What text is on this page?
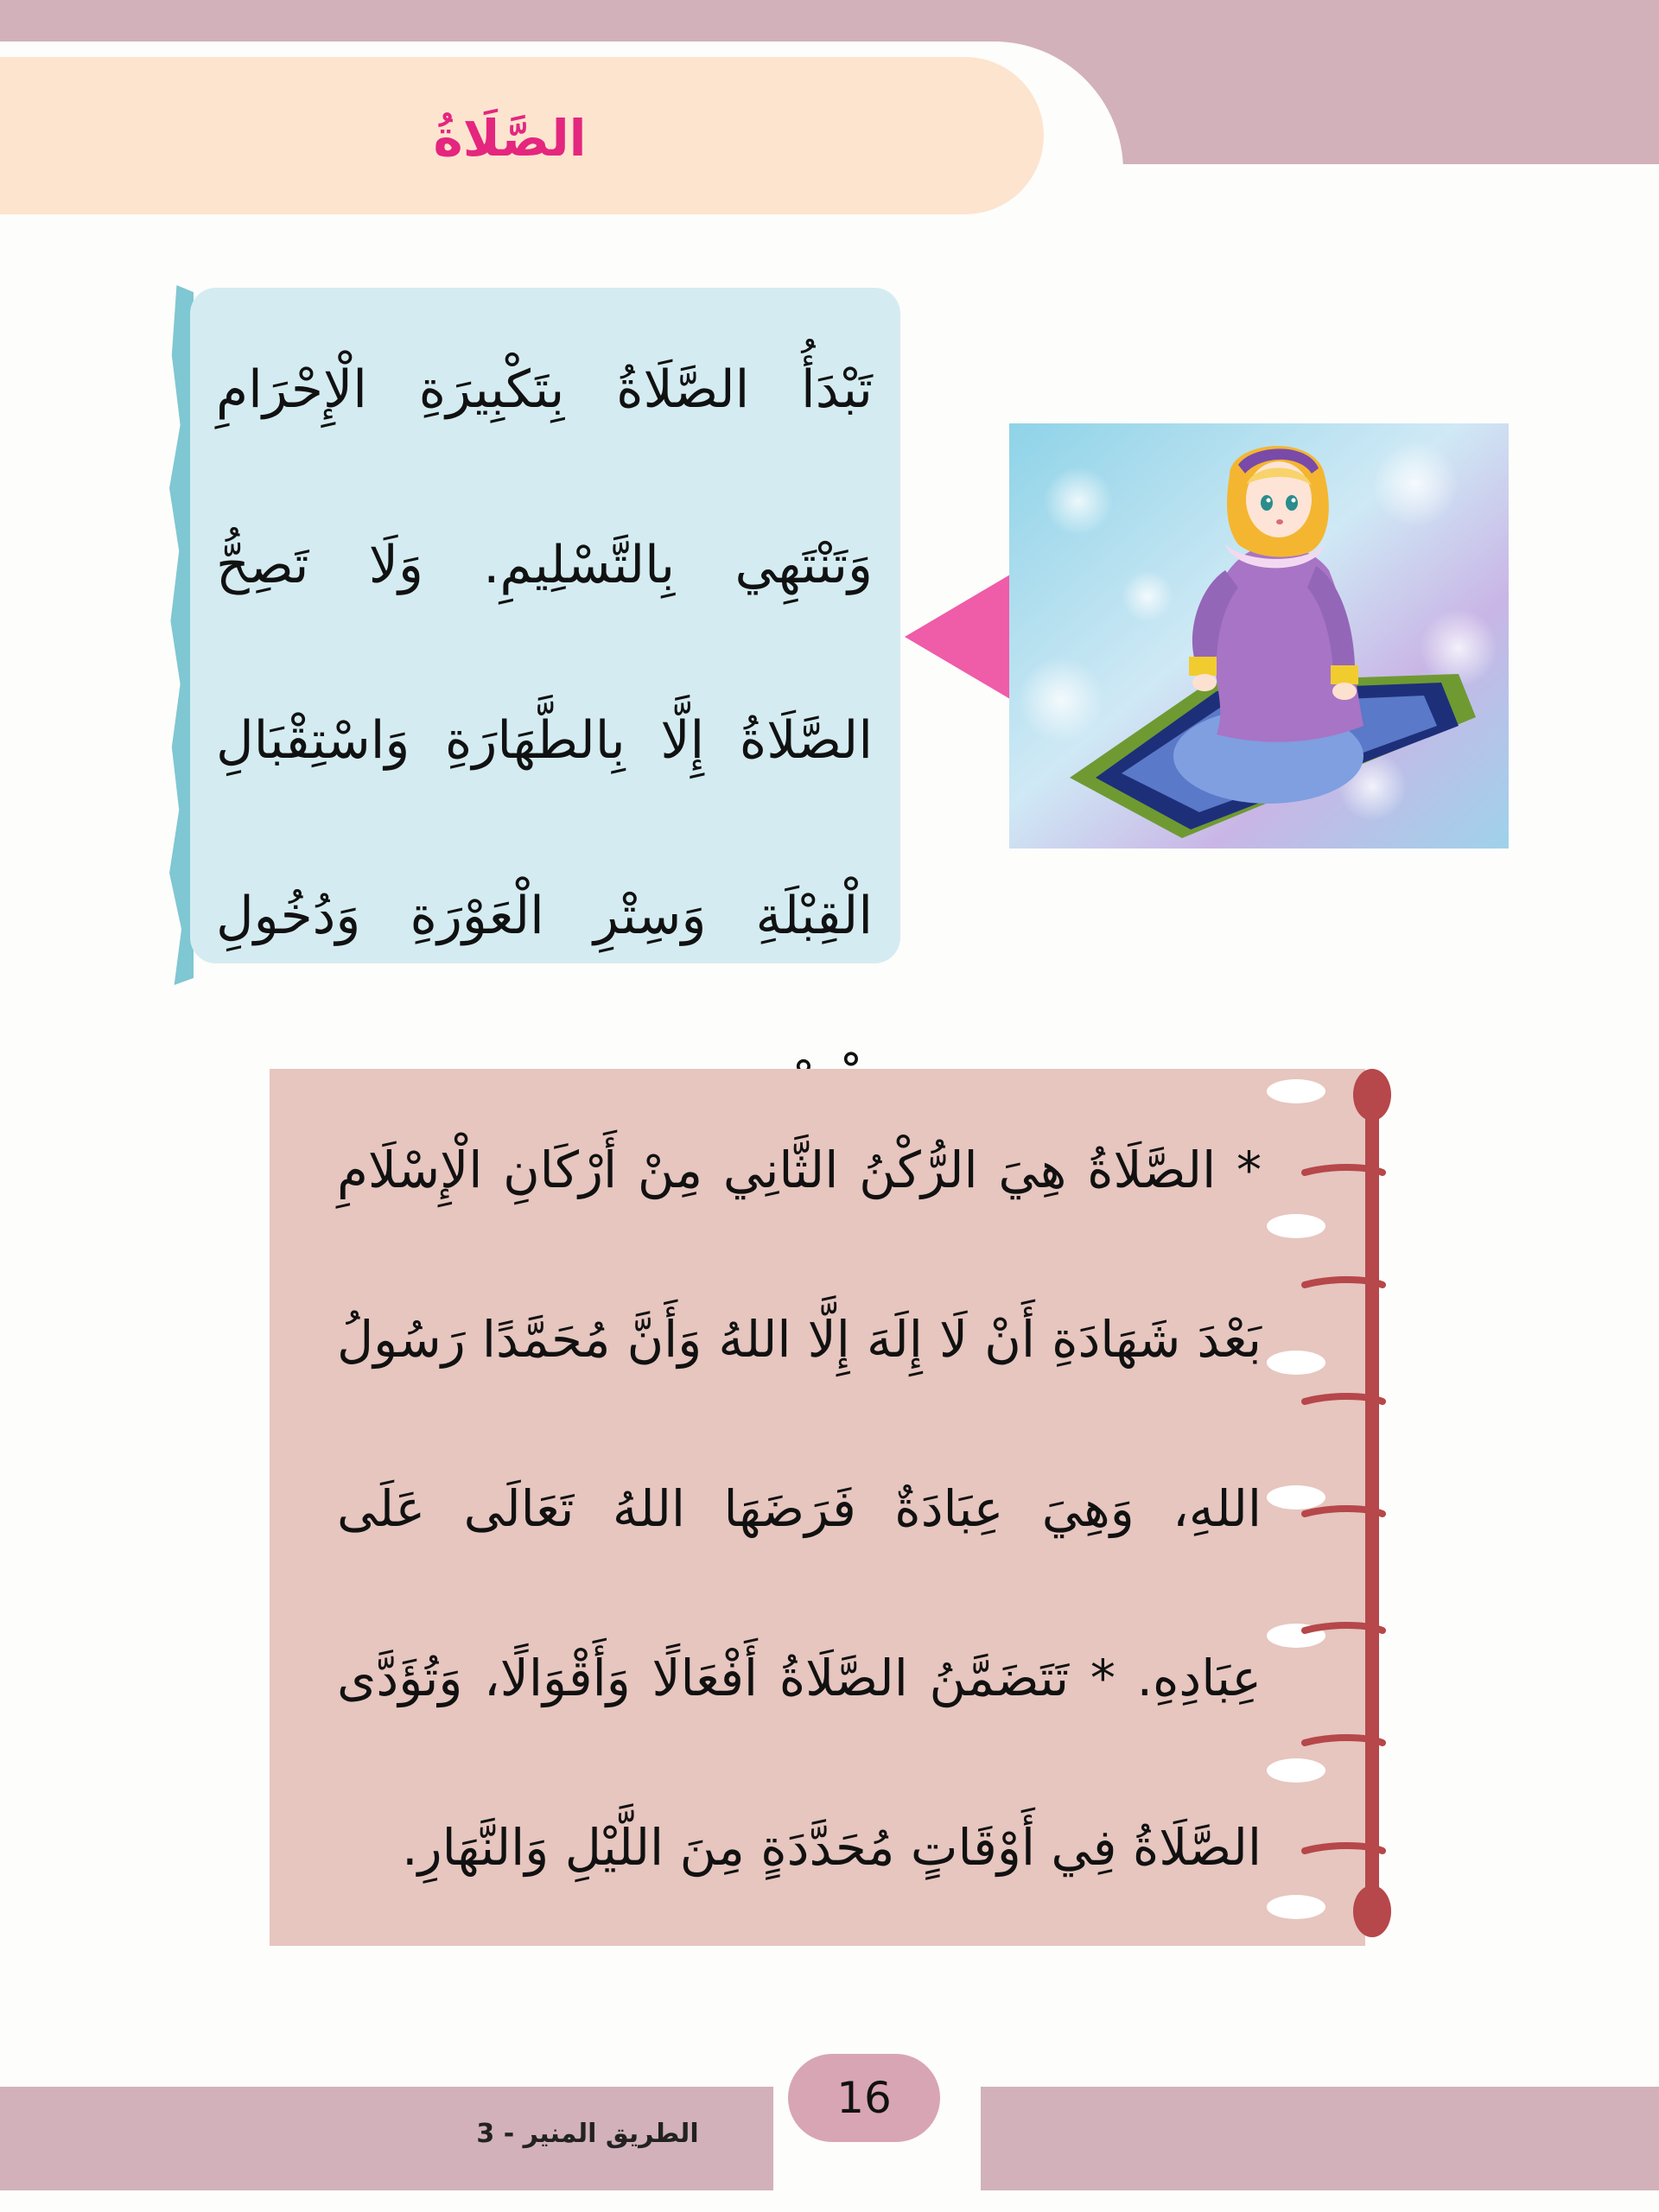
الصَّلَاةُ
تَبْدَأُ الصَّلَاةُ بِتَكْبِيرَةِ الْإِحْرَامِ وَتَنْتَهِي بِالتَّسْلِيمِ. وَلَا تَصِحُّ الصَّلَاةُ إِلَّا بِالطَّهَارَةِ وَاسْتِقْبَالِ الْقِبْلَةِ وَسِتْرِ الْعَوْرَةِ وَدُخُولِ
* الصَّلَاةُ هِيَ الرُّكْنُ الثَّانِي مِنْ أَرْكَانِ الْإِسْلَامِ بَعْدَ شَهَادَةِ أَنْ لَا إِلَهَ إِلَّا اللهُ وَأَنَّ مُحَمَّدًا رَسُولُ اللهِ، وَهِيَ عِبَادَةٌ فَرَضَهَا اللهُ تَعَالَى عَلَى عِبَادِهِ. * تَتَضَمَّنُ الصَّلَاةُ أَفْعَالًا وَأَقْوَالًا، وَتُؤَدَّى الصَّلَاةُ فِي أَوْقَاتٍ مُحَدَّدَةٍ مِنَ اللَّيْلِ وَالنَّهَارِ.
16
الطريق المنير - 3
